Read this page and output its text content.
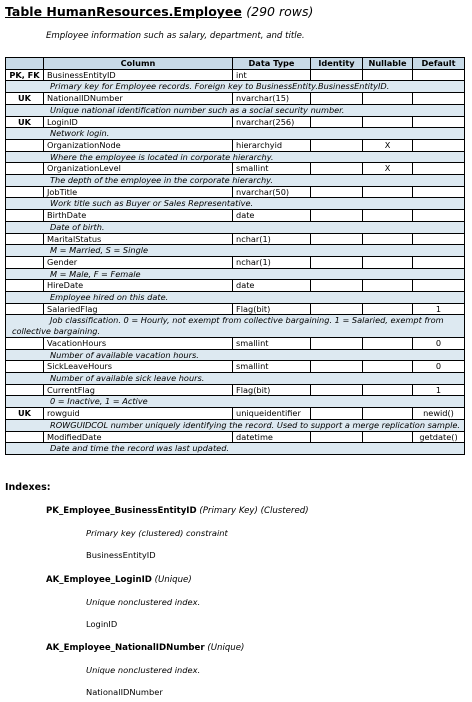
Table HumanResources.Employee (290 rows)
Employee information such as salary, department, and title.
	Column	Data Type	Identity	Nullable	Default
PK, FK	BusinessEntityID	int			
Primary key for Employee records. Foreign key to BusinessEntity.BusinessEntityID.					
UK	NationalIDNumber	nvarchar(15)			
Unique national identification number such as a social security number.					
UK	LoginID	nvarchar(256)			
Network login.					
	OrganizationNode	hierarchyid		X	
Where the employee is located in corporate hierarchy.					
	OrganizationLevel	smallint		X	
The depth of the employee in the corporate hierarchy.					
	JobTitle	nvarchar(50)			
Work title such as Buyer or Sales Representative.					
	BirthDate	date			
Date of birth.					
	MaritalStatus	nchar(1)			
M = Married, S = Single					
	Gender	nchar(1)			
M = Male, F = Female					
	HireDate	date			
Employee hired on this date.					
	SalariedFlag	Flag(bit)			1
Job classification. 0 = Hourly, not exempt from collective bargaining. 1 = Salaried, exempt from collective bargaining.					
	VacationHours	smallint			0
Number of available vacation hours.					
	SickLeaveHours	smallint			0
Number of available sick leave hours.					
	CurrentFlag	Flag(bit)			1
0 = Inactive, 1 = Active					
UK	rowguid	uniqueidentifier			newid()
ROWGUIDCOL number uniquely identifying the record. Used to support a merge replication sample.					
	ModifiedDate	datetime			getdate()
Date and time the record was last updated.					
Indexes:
PK_Employee_BusinessEntityID (Primary Key) (Clustered)
Primary key (clustered) constraint
BusinessEntityID
AK_Employee_LoginID (Unique)
Unique nonclustered index.
LoginID
AK_Employee_NationalIDNumber (Unique)
Unique nonclustered index.
NationalIDNumber
